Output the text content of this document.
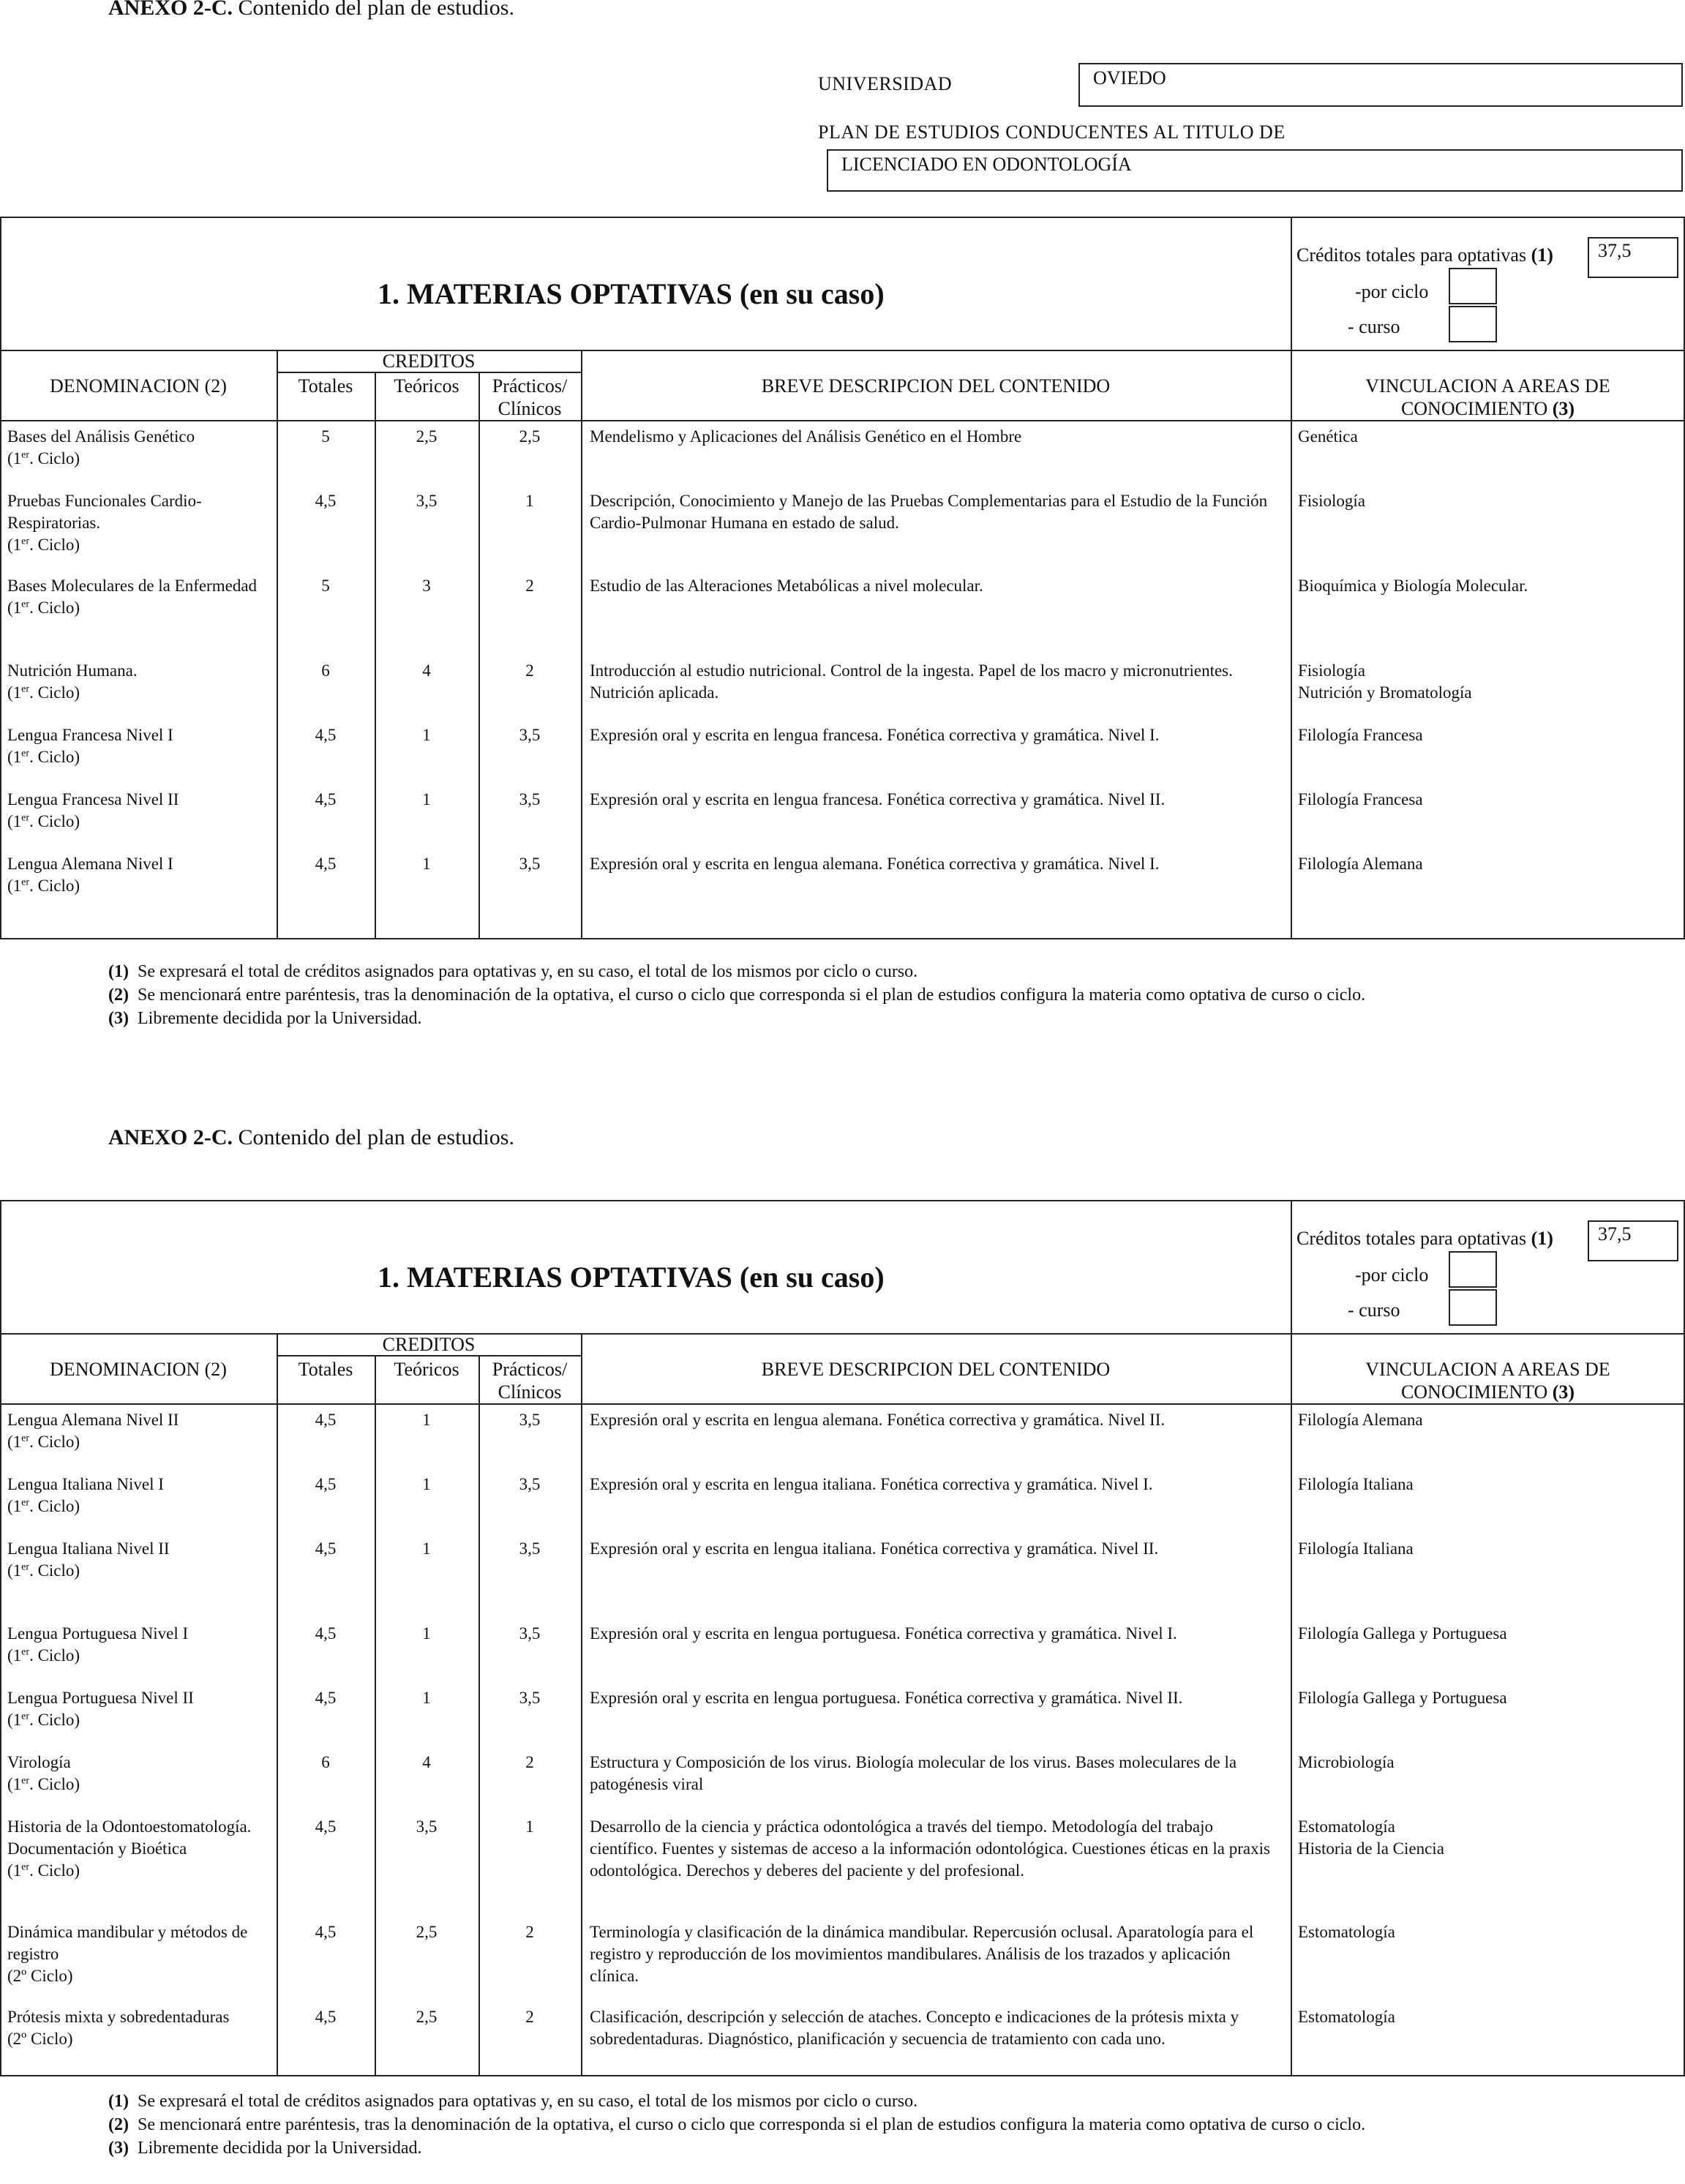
ANEXO 2-C. Contenido del plan de estudios.
UNIVERSIDAD	OVIEDO
PLAN DE ESTUDIOS CONDUCENTES AL TITULO DE
LICENCIADO EN ODONTOLOGÍA
1. MATERIAS OPTATIVAS (en su caso)
Créditos totales para optativas (1)	37,5
-por ciclo
- curso
DENOMINACION (2)
CREDITOS
Totales	Teóricos	Prácticos/
Clínicos
BREVE DESCRIPCION DEL CONTENIDO	VINCULACION A AREAS DE
CONOCIMIENTO (3)
Bases del Análisis Genético
(1er. Ciclo)
5	2,5	2,5	Mendelismo y Aplicaciones del Análisis Genético en el Hombre	Genética
Pruebas Funcionales Cardio-Respiratorias.
(1er. Ciclo)
4,5	3,5	1	Descripción, Conocimiento y Manejo de las Pruebas Complementarias para el Estudio de la Función Cardio-Pulmonar Humana en estado de salud.
Fisiología
Bases Moleculares de la Enfermedad
(1er. Ciclo)
5	3	2	Estudio de las Alteraciones Metabólicas a nivel molecular.	Bioquímica y Biología Molecular.
Nutrición Humana.
(1er. Ciclo)
6	4	2	Introducción al estudio nutricional. Control de la ingesta. Papel de los macro y micronutrientes. Nutrición aplicada.
Fisiología
Nutrición y Bromatología
Lengua Francesa Nivel I
(1er. Ciclo)
4,5	1	3,5	Expresión oral y escrita en lengua francesa. Fonética correctiva y gramática. Nivel I.	Filología Francesa
Lengua Francesa Nivel II
(1er. Ciclo)
4,5	1	3,5	Expresión oral y escrita en lengua francesa. Fonética correctiva y gramática. Nivel II.	Filología Francesa
Lengua Alemana Nivel I
(1er. Ciclo)
4,5	1	3,5	Expresión oral y escrita en lengua alemana. Fonética correctiva y gramática. Nivel I.	Filología Alemana
(1) Se expresará el total de créditos asignados para optativas y, en su caso, el total de los mismos por ciclo o curso.
(2) Se mencionará entre paréntesis, tras la denominación de la optativa, el curso o ciclo que corresponda si el plan de estudios configura la materia como optativa de curso o ciclo.
(3) Libremente decidida por la Universidad.
ANEXO 2-C. Contenido del plan de estudios.
1. MATERIAS OPTATIVAS (en su caso)
Créditos totales para optativas (1)	37,5
-por ciclo
- curso
DENOMINACION (2)
CREDITOS
Totales	Teóricos	Prácticos/
Clínicos
BREVE DESCRIPCION DEL CONTENIDO	VINCULACION A AREAS DE
CONOCIMIENTO (3)
Lengua Alemana Nivel II
(1er. Ciclo)
4,5	1	3,5	Expresión oral y escrita en lengua alemana. Fonética correctiva y gramática. Nivel II.	Filología Alemana
Lengua Italiana Nivel I
(1er. Ciclo)
4,5	1	3,5	Expresión oral y escrita en lengua italiana. Fonética correctiva y gramática. Nivel I.	Filología Italiana
Lengua Italiana Nivel II
(1er. Ciclo)
4,5	1	3,5	Expresión oral y escrita en lengua italiana. Fonética correctiva y gramática. Nivel II.	Filología Italiana
Lengua Portuguesa Nivel I
(1er. Ciclo)
4,5	1	3,5	Expresión oral y escrita en lengua portuguesa. Fonética correctiva y gramática. Nivel I.	Filología Gallega y Portuguesa
Lengua Portuguesa Nivel II
(1er. Ciclo)
4,5	1	3,5	Expresión oral y escrita en lengua portuguesa. Fonética correctiva y gramática. Nivel II.	Filología Gallega y Portuguesa
Virología
(1er. Ciclo)
6	4	2	Estructura y Composición de los virus. Biología molecular de los virus. Bases moleculares de la patogénesis viral
Microbiología
Historia de la Odontoestomatología. Documentación y Bioética
(1er. Ciclo)
4,5	3,5	1	Desarrollo de la ciencia y práctica odontológica a través del tiempo. Metodología del trabajo científico. Fuentes y sistemas de acceso a la información odontológica. Cuestiones éticas en la praxis odontológica. Derechos y deberes del paciente y del profesional.
Estomatología
Historia de la Ciencia
Dinámica mandibular y métodos de registro
(2º Ciclo)
4,5	2,5	2	Terminología y clasificación de la dinámica mandibular. Repercusión oclusal. Aparatología para el registro y reproducción de los movimientos mandibulares. Análisis de los trazados y aplicación clínica.
Estomatología
Prótesis mixta y sobredentaduras
(2º Ciclo)
4,5	2,5	2	Clasificación, descripción y selección de ataches. Concepto e indicaciones de la prótesis mixta y sobredentaduras. Diagnóstico, planificación y secuencia de tratamiento con cada uno.
Estomatología
(1) Se expresará el total de créditos asignados para optativas y, en su caso, el total de los mismos por ciclo o curso.
(2) Se mencionará entre paréntesis, tras la denominación de la optativa, el curso o ciclo que corresponda si el plan de estudios configura la materia como optativa de curso o ciclo.
(3) Libremente decidida por la Universidad.
